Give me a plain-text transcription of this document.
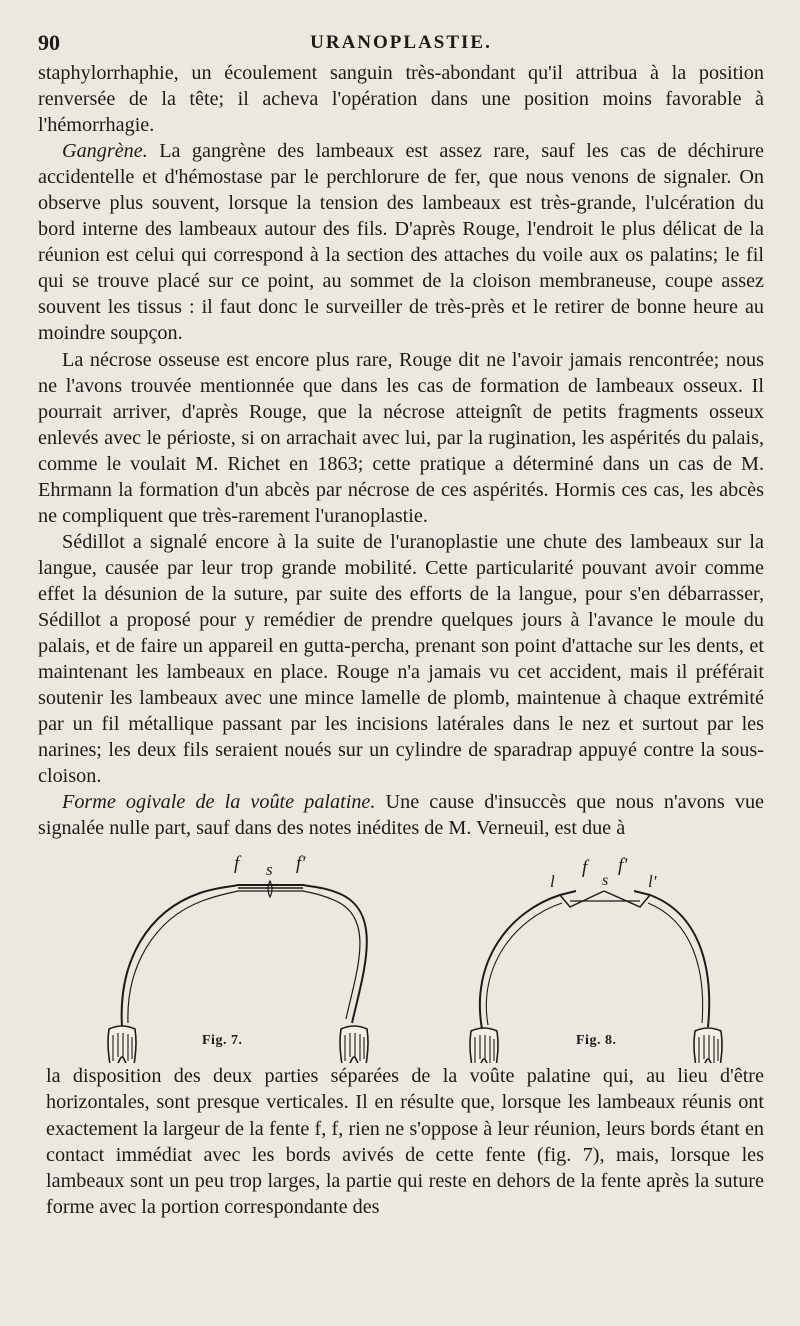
90	URANOPLASTIE.

staphylorrhaphie, un écoulement sanguin très-abondant qu'il attribua à la position renversée de la tête; il acheva l'opération dans une position moins favorable à l'hémorrhagie.

Gangrène. La gangrène des lambeaux est assez rare, sauf les cas de déchirure accidentelle et d'hémostase par le perchlorure de fer, que nous venons de signaler. On observe plus souvent, lorsque la tension des lambeaux est très-grande, l'ulcération du bord interne des lambeaux autour des fils. D'après Rouge, l'endroit le plus délicat de la réunion est celui qui correspond à la section des attaches du voile aux os palatins; le fil qui se trouve placé sur ce point, au sommet de la cloison membraneuse, coupe assez souvent les tissus : il faut donc le surveiller de très-près et le retirer de bonne heure au moindre soupçon.

La nécrose osseuse est encore plus rare, Rouge dit ne l'avoir jamais rencontrée; nous ne l'avons trouvée mentionnée que dans les cas de formation de lambeaux osseux. Il pourrait arriver, d'après Rouge, que la nécrose atteignît de petits fragments osseux enlevés avec le périoste, si on arrachait avec lui, par la rugination, les aspérités du palais, comme le voulait M. Richet en 1863; cette pratique a déterminé dans un cas de M. Ehrmann la formation d'un abcès par nécrose de ces aspérités. Hormis ces cas, les abcès ne compliquent que très-rarement l'uranoplastie.

Sédillot a signalé encore à la suite de l'uranoplastie une chute des lambeaux sur la langue, causée par leur trop grande mobilité. Cette particularité pouvant avoir comme effet la désunion de la suture, par suite des efforts de la langue, pour s'en débarrasser, Sédillot a proposé pour y remédier de prendre quelques jours à l'avance le moule du palais, et de faire un appareil en gutta-percha, prenant son point d'attache sur les dents, et maintenant les lambeaux en place. Rouge n'a jamais vu cet accident, mais il préférait soutenir les lambeaux avec une mince lamelle de plomb, maintenue à chaque extrémité par un fil métallique passant par les incisions latérales dans le nez et surtout par les narines; les deux fils seraient noués sur un cylindre de sparadrap appuyé contre la sous-cloison.

Forme ogivale de la voûte palatine. Une cause d'insuccès que nous n'avons vue signalée nulle part, sauf dans des notes inédites de M. Verneuil, est due à

f s f'
l
f
s
f'
l'
Fig. 7.	Fig. 8.

la disposition des deux parties séparées de la voûte palatine qui, au lieu d'être horizontales, sont presque verticales. Il en résulte que, lorsque les lambeaux réunis ont exactement la largeur de la fente f, f, rien ne s'oppose à leur réunion, leurs bords étant en contact immédiat avec les bords avivés de cette fente (fig. 7), mais, lorsque les lambeaux sont un peu trop larges, la partie qui reste en dehors de la fente après la suture forme avec la portion correspondante des
